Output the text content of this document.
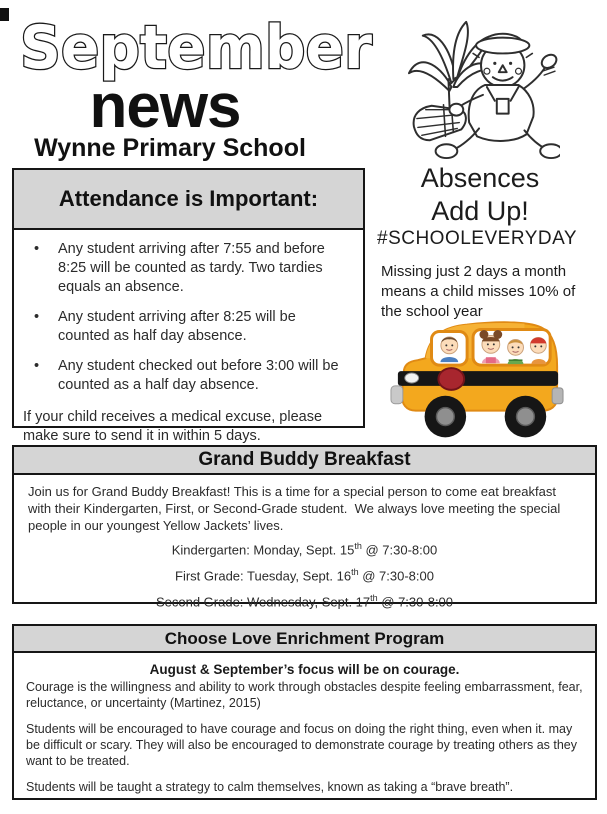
September
news
Wynne Primary School
Absences
Add Up!
#SCHOOLEVERYDAY
Missing just 2 days a month means a child misses 10% of the school year
Attendance is Important:
• Any student arriving after 7:55 and before 8:25 will be counted as tardy. Two tardies equals an absence.
• Any student arriving after 8:25 will be counted as half day absence.
• Any student checked out before 3:00 will be counted as a half day absence.
If your child receives a medical excuse, please make sure to send it in within 5 days.
Grand Buddy Breakfast
Join us for Grand Buddy Breakfast! This is a time for a special person to come eat breakfast with their Kindergarten, First, or Second-Grade student.  We always love meeting the special people in our youngest Yellow Jackets’ lives.
Kindergarten: Monday, Sept. 15th @ 7:30-8:00
First Grade: Tuesday, Sept. 16th @ 7:30-8:00
Second Grade: Wednesday, Sept. 17th @ 7:30-8:00
Choose Love Enrichment Program
August & September’s focus will be on courage.
Courage is the willingness and ability to work through obstacles despite feeling embarrassment, fear, reluctance, or uncertainty (Martinez, 2015)
Students will be encouraged to have courage and focus on doing the right thing, even when it. may be difficult or scary. They will also be encouraged to demonstrate courage by treating others as they want to be treated.
Students will be taught a strategy to calm themselves, known as taking a “brave breath”.
